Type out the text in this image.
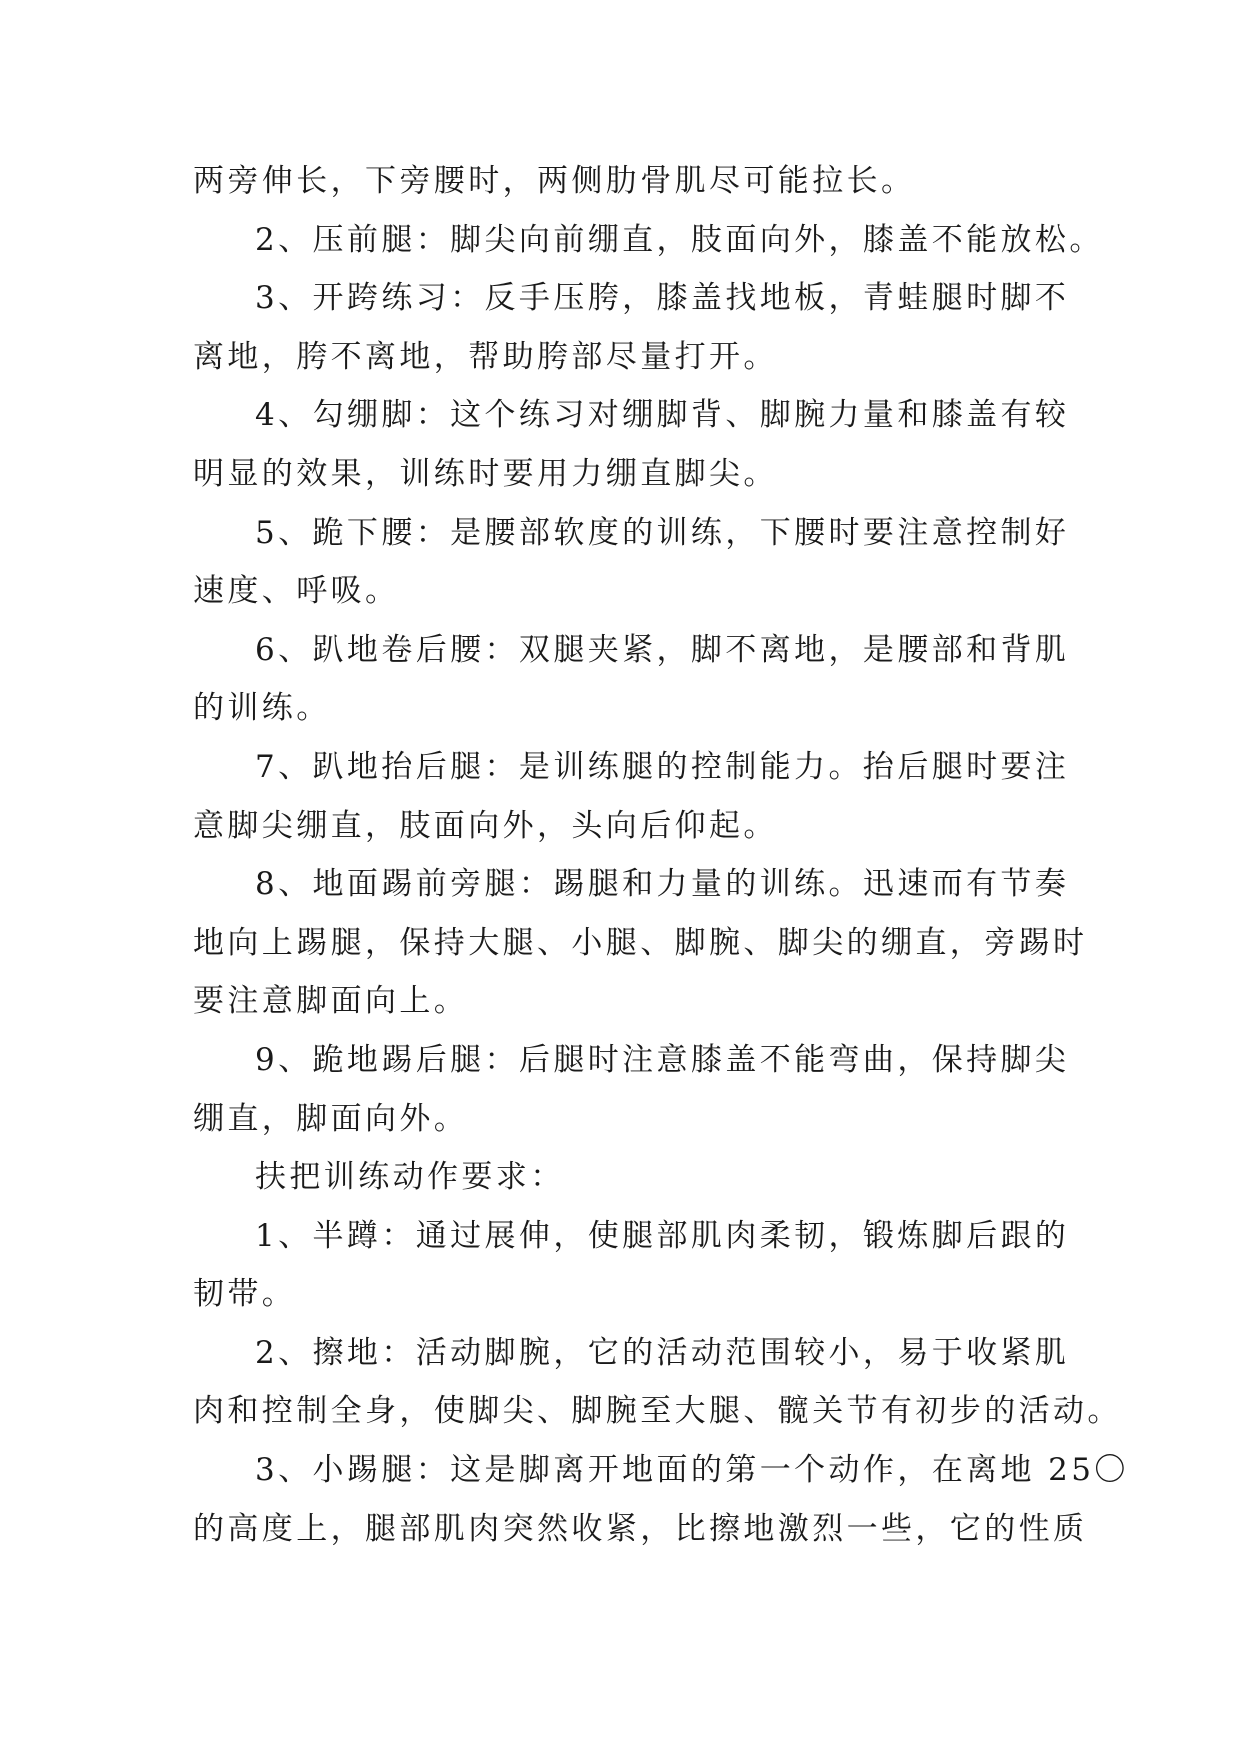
两旁伸长，下旁腰时，两侧肋骨肌尽可能拉长。
2、压前腿：脚尖向前绷直，肢面向外，膝盖不能放松。
3、开跨练习：反手压胯，膝盖找地板，青蛙腿时脚不
离地，胯不离地，帮助胯部尽量打开。
4、勾绷脚：这个练习对绷脚背、脚腕力量和膝盖有较
明显的效果，训练时要用力绷直脚尖。
5、跪下腰：是腰部软度的训练，下腰时要注意控制好
速度、呼吸。
6、趴地卷后腰：双腿夹紧，脚不离地，是腰部和背肌
的训练。
7、趴地抬后腿：是训练腿的控制能力。抬后腿时要注
意脚尖绷直，肢面向外，头向后仰起。
8、地面踢前旁腿：踢腿和力量的训练。迅速而有节奏
地向上踢腿，保持大腿、小腿、脚腕、脚尖的绷直，旁踢时
要注意脚面向上。
9、跪地踢后腿：后腿时注意膝盖不能弯曲，保持脚尖
绷直，脚面向外。
扶把训练动作要求：
1、半蹲：通过展伸，使腿部肌肉柔韧，锻炼脚后跟的
韧带。
2、擦地：活动脚腕，它的活动范围较小，易于收紧肌
肉和控制全身，使脚尖、脚腕至大腿、髋关节有初步的活动。
3、小踢腿：这是脚离开地面的第一个动作，在离地 25〇
的高度上，腿部肌肉突然收紧，比擦地激烈一些，它的性质
